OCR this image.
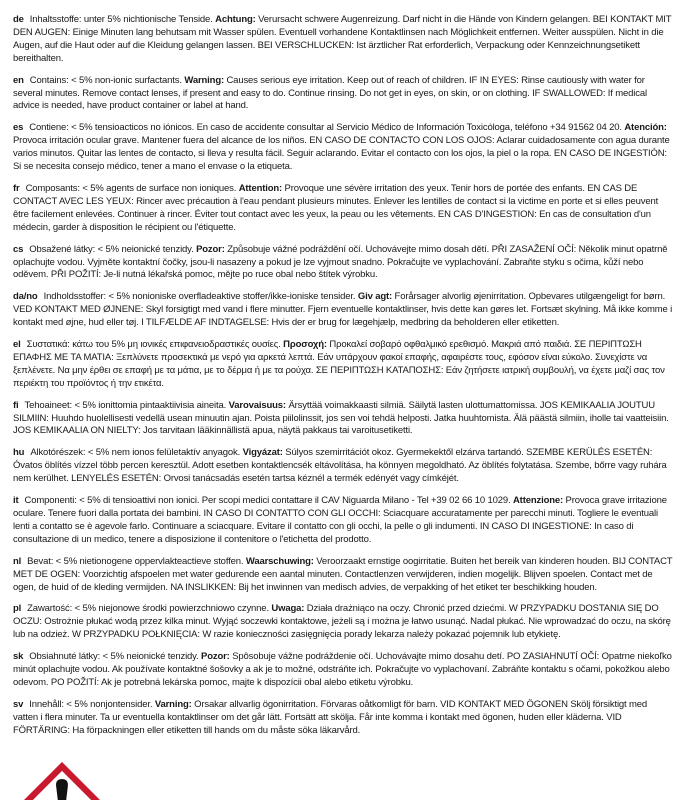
de Inhaltsstoffe: unter 5% nichtionische Tenside. Achtung: Verursacht schwere Augenreizung. Darf nicht in die Hände von Kindern gelangen. BEI KONTAKT MIT DEN AUGEN: Einige Minuten lang behutsam mit Wasser spülen. Eventuell vorhandene Kontaktlinsen nach Möglichkeit entfernen. Weiter ausspülen. Nicht in die Augen, auf die Haut oder auf die Kleidung gelangen lassen. BEI VERSCHLUCKEN: Ist ärztlicher Rat erforderlich, Verpackung oder Kennzeichnungsetikett bereithalten.

en Contains: < 5% non-ionic surfactants. Warning: Causes serious eye irritation. Keep out of reach of children. IF IN EYES: Rinse cautiously with water for several minutes. Remove contact lenses, if present and easy to do. Continue rinsing. Do not get in eyes, on skin, or on clothing. IF SWALLOWED: If medical advice is needed, have product container or label at hand.

es Contiene: < 5% tensioacticos no iónicos. En caso de accidente consultar al Servicio Médico de Información Toxicóloga, teléfono +34 91562 04 20. Atención: Provoca irritación ocular grave. Mantener fuera del alcance de los niños. EN CASO DE CONTACTO CON LOS OJOS: Aclarar cuidadosamente con agua durante varios minutos. Quitar las lentes de contacto, si lleva y resulta fácil. Seguir aclarando. Evitar el contacto con los ojos, la piel o la ropa. EN CASO DE INGESTIÓN: Si se necesita consejo médico, tener a mano el envase o la etiqueta.

fr Composants: < 5% agents de surface non ioniques. Attention: Provoque une sévère irritation des yeux. Tenir hors de portée des enfants. EN CAS DE CONTACT AVEC LES YEUX: Rincer avec précaution à l'eau pendant plusieurs minutes. Enlever les lentilles de contact si la victime en porte et si elles peuvent être facilement enlevées. Continuer à rincer. Éviter tout contact avec les yeux, la peau ou les vêtements. EN CAS D'INGESTION: En cas de consultation d'un médecin, garder à disposition le récipient ou l'étiquette.

cs Obsažené látky: < 5% neionické tenzidy. Pozor: Způsobuje vážné podráždění očí. Uchovávejte mimo dosah dětí. PŘI ZASAŽENÍ OČÍ: Několik minut opatrně oplachujte vodou. Vyjměte kontaktní čočky, jsou-li nasazeny a pokud je lze vyjmout snadno. Pokračujte ve vyplachování. Zabraňte styku s očima, kůží nebo oděvem. PŘI POŽITÍ: Je-li nutná lékařská pomoc, mějte po ruce obal nebo štítek výrobku.

da/no Indholdsstoffer: < 5% nonioniske overfladeaktive stoffer/ikke-ioniske tensider. Giv agt: Forårsager alvorlig øjenirritation. Opbevares utilgængeligt for børn. VED KONTAKT MED ØJNENE: Skyl forsigtigt med vand i flere minutter. Fjern eventuelle kontaktlinser, hvis dette kan gøres let. Fortsæt skylning. Må ikke komme i kontakt med øjne, hud eller tøj. I TILFÆLDE AF INDTAGELSE: Hvis der er brug for lægehjælp, medbring da beholderen eller etiketten.

el Συστατικά: κάτω του 5% μη ιονικές επιφανειοδραστικές ουσίες. Προσοχή: Προκαλεί σοβαρό οφθαλμικό ερεθισμό. Μακριά από παιδιά. ΣΕ ΠΕΡΙΠΤΩΣΗ ΕΠΑΦΗΣ ΜΕ ΤΑ ΜΑΤΙΑ: Ξεπλύνετε προσεκτικά με νερό για αρκετά λεπτά. Εάν υπάρχουν φακοί επαφής, αφαιρέστε τους, εφόσον είναι εύκολο. Συνεχίστε να ξεπλένετε. Να μην έρθει σε επαφή με τα μάτια, με το δέρμα ή με τα ρούχα. ΣΕ ΠΕΡΙΠΤΩΣΗ ΚΑΤΑΠΟΣΗΣ: Εάν ζητήσετε ιατρική συμβουλή, να έχετε μαζί σας τον περιέκτη του προϊόντος ή την ετικέτα.

fi Tehoaineet: < 5% ionittomia pintaaktiivisia aineita. Varovaisuus: Ärsyttää voimakkaasti silmiä. Säilytä lasten ulottumattomissa. JOS KEMIKAALIA JOUTUU SILMIIN: Huuhdo huolellisesti vedellä usean minuutin ajan. Poista piilolinssit, jos sen voi tehdä helposti. Jatka huuhtomista. Älä päästä silmiin, iholle tai vaatteisiin. JOS KEMIKAALIA ON NIELTY: Jos tarvitaan lääkinnällistä apua, näytä pakkaus tai varoitusetiketti.

hu Alkotórészek: < 5% nem ionos felületaktív anyagok. Vigyázat: Súlyos szemirritációt okoz. Gyermekektől elzárva tartandó. SZEMBE KERÜLÉS ESETÉN: Óvatos öblítés vízzel több percen keresztül. Adott esetben kontaktlencsék eltávolítása, ha könnyen megoldható. Az öblítés folytatása. Szembe, bőrre vagy ruhára nem kerülhet. LENYELÉS ESETÉN: Orvosi tanácsadás esetén tartsa kéznél a termék edényét vagy címkéjét.

it Componenti: < 5% di tensioattivi non ionici. Per scopi medici contattare il CAV Niguarda Milano - Tel +39 02 66 10 1029. Attenzione: Provoca grave irritazione oculare. Tenere fuori dalla portata dei bambini. IN CASO DI CONTATTO CON GLI OCCHI: Sciacquare accuratamente per parecchi minuti. Togliere le eventuali lenti a contatto se è agevole farlo. Continuare a sciacquare. Evitare il contatto con gli occhi, la pelle o gli indumenti. IN CASO DI INGESTIONE: In caso di consultazione di un medico, tenere a disposizione il contenitore o l'etichetta del prodotto.

nl Bevat: < 5% nietionogene oppervlakteactieve stoffen. Waarschuwing: Veroorzaakt ernstige oogirritatie. Buiten het bereik van kinderen houden. BIJ CONTACT MET DE OGEN: Voorzichtig afspoelen met water gedurende een aantal minuten. Contactlenzen verwijderen, indien mogelijk. Blijven spoelen. Contact met de ogen, de huid of de kleding vermijden. NA INSLIKKEN: Bij het inwinnen van medisch advies, de verpakking of het etiket ter beschikking houden.

pl Zawartość: < 5% niejonowe środki powierzchniowo czynne. Uwaga: Działa drażniąco na oczy. Chronić przed dziećmi. W PRZYPADKU DOSTANIA SIĘ DO OCZU: Ostrożnie płukać wodą przez kilka minut. Wyjąć soczewki kontaktowe, jeżeli są i można je łatwo usunąć. Nadal płukać. Nie wprowadzać do oczu, na skórę lub na odzież. W PRZYPADKU POŁKNIĘCIA: W razie konieczności zasięgnięcia porady lekarza należy pokazać pojemnik lub etykietę.

sk Obsiahnuté látky: < 5% neionické tenzidy. Pozor: Spôsobuje vážne podráždenie očí. Uchovávajte mimo dosahu detí. PO ZASIAHNUTÍ OČÍ: Opatrne niekoľko minút oplachujte vodou. Ak používate kontaktné šošovky a ak je to možné, odstráňte ich. Pokračujte vo vyplachovaní. Zabráňte kontaktu s očami, pokožkou alebo odevom. PO POŽITÍ: Ak je potrebná lekárska pomoc, majte k dispozícii obal alebo etiketu výrobku.

sv Innehåll: < 5% nonjontensider. Varning: Orsakar allvarlig ögonirritation. Förvaras oåtkomligt för barn. VID KONTAKT MED ÖGONEN Skölj försiktigt med vatten i flera minuter. Ta ur eventuella kontaktlinser om det går lätt. Fortsätt att skölja. Får inte komma i kontakt med ögonen, huden eller kläderna. VID FÖRTÄRING: Ha förpackningen eller etiketten till hands om du måste söka läkarvård.
